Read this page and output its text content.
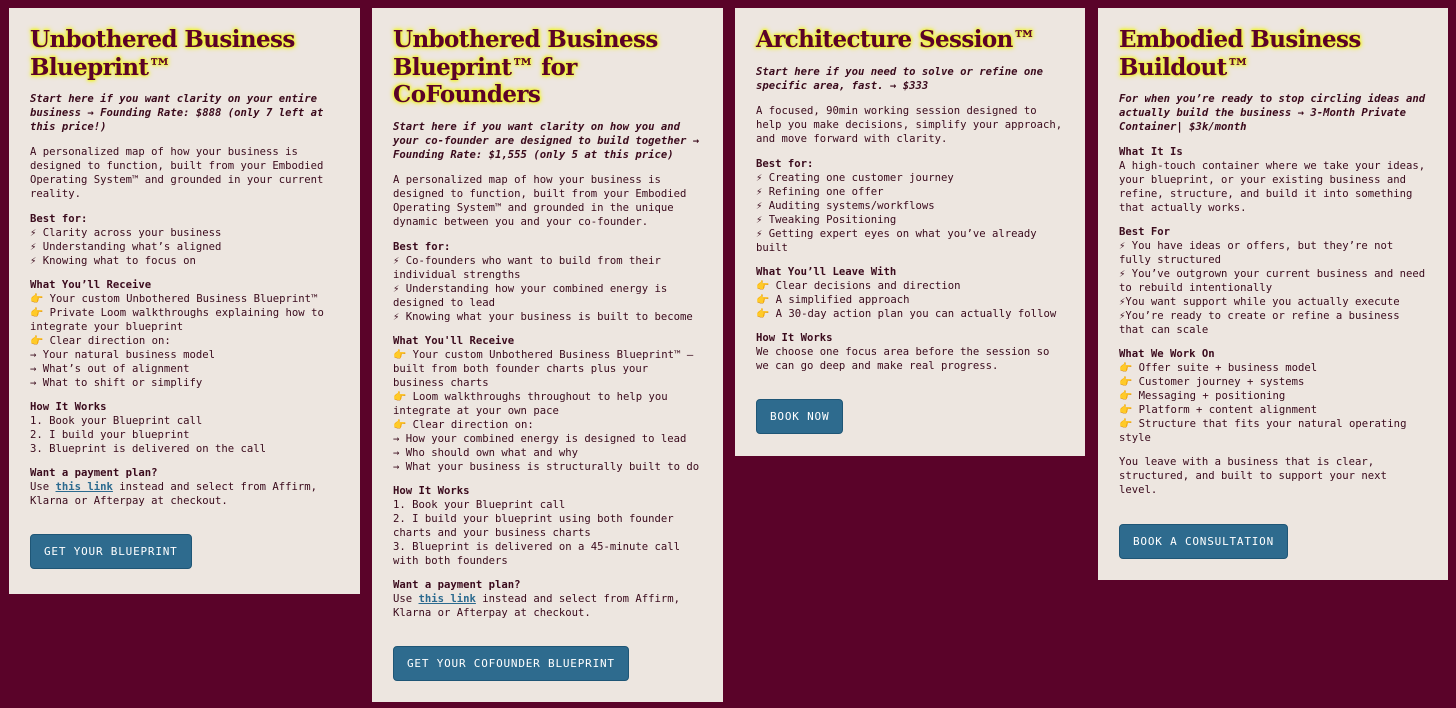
Unbothered Business
Blueprint™
Start here if you want clarity on your entire business → Founding Rate: $888 (only 7 left at this price!)
A personalized map of how your business is designed to function, built from your Embodied Operating System™ and grounded in your current reality.
Best for:
⚡ Clarity across your business
⚡ Understanding what’s aligned
⚡ Knowing what to focus on
What You’ll Receive
👉 Your custom Unbothered Business Blueprint™
👉 Private Loom walkthroughs explaining how to integrate your blueprint
👉 Clear direction on:
→ Your natural business model
→ What’s out of alignment
→ What to shift or simplify
How It Works
1. Book your Blueprint call
2. I build your blueprint
3. Blueprint is delivered on the call
Want a payment plan?
Use this link instead and select from Affirm, Klarna or Afterpay at checkout.
GET YOUR BLUEPRINT
Unbothered Business
Blueprint™ for
CoFounders
Start here if you want clarity on how you and your co-founder are designed to build together → Founding Rate: $1,555 (only 5 at this price)
A personalized map of how your business is designed to function, built from your Embodied Operating System™ and grounded in the unique dynamic between you and your co-founder.
Best for:
⚡ Co-founders who want to build from their individual strengths
⚡ Understanding how your combined energy is designed to lead
⚡ Knowing what your business is built to become
What You'll Receive
👉 Your custom Unbothered Business Blueprint™ — built from both founder charts plus your business charts
👉 Loom walkthroughs throughout to help you integrate at your own pace
👉 Clear direction on:
→ How your combined energy is designed to lead
→ Who should own what and why
→ What your business is structurally built to do
How It Works
1. Book your Blueprint call
2. I build your blueprint using both founder charts and your business charts
3. Blueprint is delivered on a 45-minute call with both founders
Want a payment plan?
Use this link instead and select from Affirm, Klarna or Afterpay at checkout.
GET YOUR COFOUNDER BLUEPRINT
Architecture Session™
Start here if you need to solve or refine one specific area, fast. → $333
A focused, 90min working session designed to help you make decisions, simplify your approach, and move forward with clarity.
Best for:
⚡ Creating one customer journey
⚡ Refining one offer
⚡ Auditing systems/workflows
⚡ Tweaking Positioning
⚡ Getting expert eyes on what you’ve already built
What You’ll Leave With
👉 Clear decisions and direction
👉 A simplified approach
👉 A 30-day action plan you can actually follow
How It Works
We choose one focus area before the session so we can go deep and make real progress.
BOOK NOW
Embodied Business
Buildout™
For when you’re ready to stop circling ideas and actually build the business → 3-Month Private Container| $3k/month
What It Is
A high-touch container where we take your ideas, your blueprint, or your existing business and refine, structure, and build it into something that actually works.
Best For
⚡ You have ideas or offers, but they’re not fully structured
⚡ You’ve outgrown your current business and need to rebuild intentionally
⚡You want support while you actually execute
⚡You’re ready to create or refine a business that can scale
What We Work On
👉 Offer suite + business model
👉 Customer journey + systems
👉 Messaging + positioning
👉 Platform + content alignment
👉 Structure that fits your natural operating style
You leave with a business that is clear, structured, and built to support your next level.
BOOK A CONSULTATION
